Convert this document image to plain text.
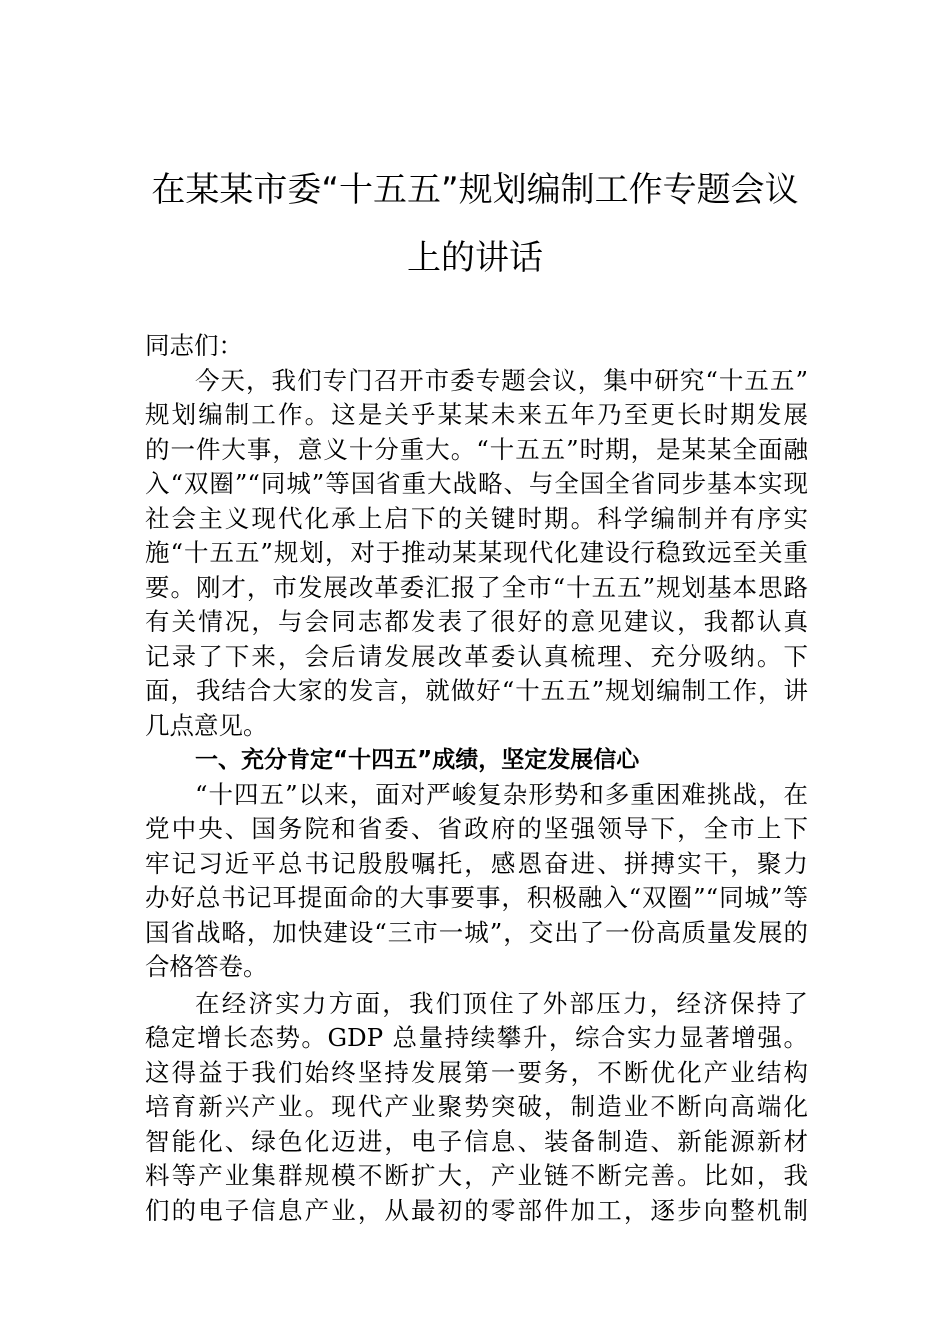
在某某市委“十五五”规划编制工作专题会议
上的讲话
同志们：
今天，我们专门召开市委专题会议，集中研究“十五五”
规划编制工作。这是关乎某某未来五年乃至更长时期发展
的一件大事，意义十分重大。“十五五”时期，是某某全面融
入“双圈”“同城”等国省重大战略、与全国全省同步基本实现
社会主义现代化承上启下的关键时期。科学编制并有序实
施“十五五”规划，对于推动某某现代化建设行稳致远至关重
要。刚才，市发展改革委汇报了全市“十五五”规划基本思路
有关情况，与会同志都发表了很好的意见建议，我都认真
记录了下来，会后请发展改革委认真梳理、充分吸纳。下
面，我结合大家的发言，就做好“十五五”规划编制工作，讲
几点意见。
一、充分肯定“十四五”成绩，坚定发展信心
“十四五”以来，面对严峻复杂形势和多重困难挑战，在
党中央、国务院和省委、省政府的坚强领导下，全市上下
牢记习近平总书记殷殷嘱托，感恩奋进、拼搏实干，聚力
办好总书记耳提面命的大事要事，积极融入“双圈”“同城”等
国省战略，加快建设“三市一城”，交出了一份高质量发展的
合格答卷。
在经济实力方面，我们顶住了外部压力，经济保持了
稳定增长态势。GDP 总量持续攀升，综合实力显著增强。
这得益于我们始终坚持发展第一要务，不断优化产业结构
培育新兴产业。现代产业聚势突破，制造业不断向高端化
智能化、绿色化迈进，电子信息、装备制造、新能源新材
料等产业集群规模不断扩大，产业链不断完善。比如，我
们的电子信息产业，从最初的零部件加工，逐步向整机制
